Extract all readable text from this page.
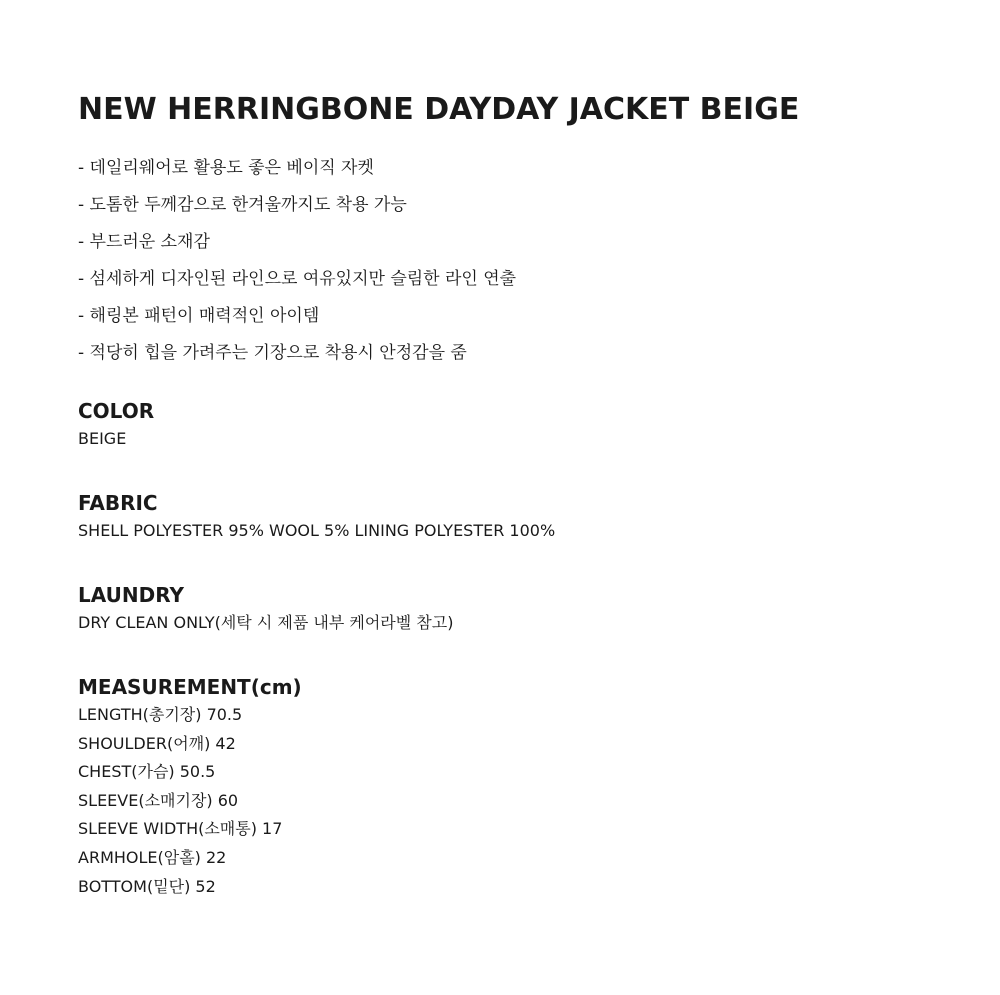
NEW HERRINGBONE DAYDAY JACKET BEIGE
- 데일리웨어로 활용도 좋은 베이직 자켓
- 도톰한 두께감으로 한겨울까지도 착용 가능
- 부드러운 소재감
- 섬세하게 디자인된 라인으로 여유있지만 슬림한 라인 연출
- 해링본 패턴이 매력적인 아이템
- 적당히 힙을 가려주는 기장으로 착용시 안정감을 줌
COLOR
BEIGE
FABRIC
SHELL POLYESTER 95% WOOL 5% LINING POLYESTER 100%
LAUNDRY
DRY CLEAN ONLY(세탁 시 제품 내부 케어라벨 참고)
MEASUREMENT(cm)
LENGTH(총기장) 70.5
SHOULDER(어깨) 42
CHEST(가슴) 50.5
SLEEVE(소매기장) 60
SLEEVE WIDTH(소매통) 17
ARMHOLE(암홀) 22
BOTTOM(밑단) 52
